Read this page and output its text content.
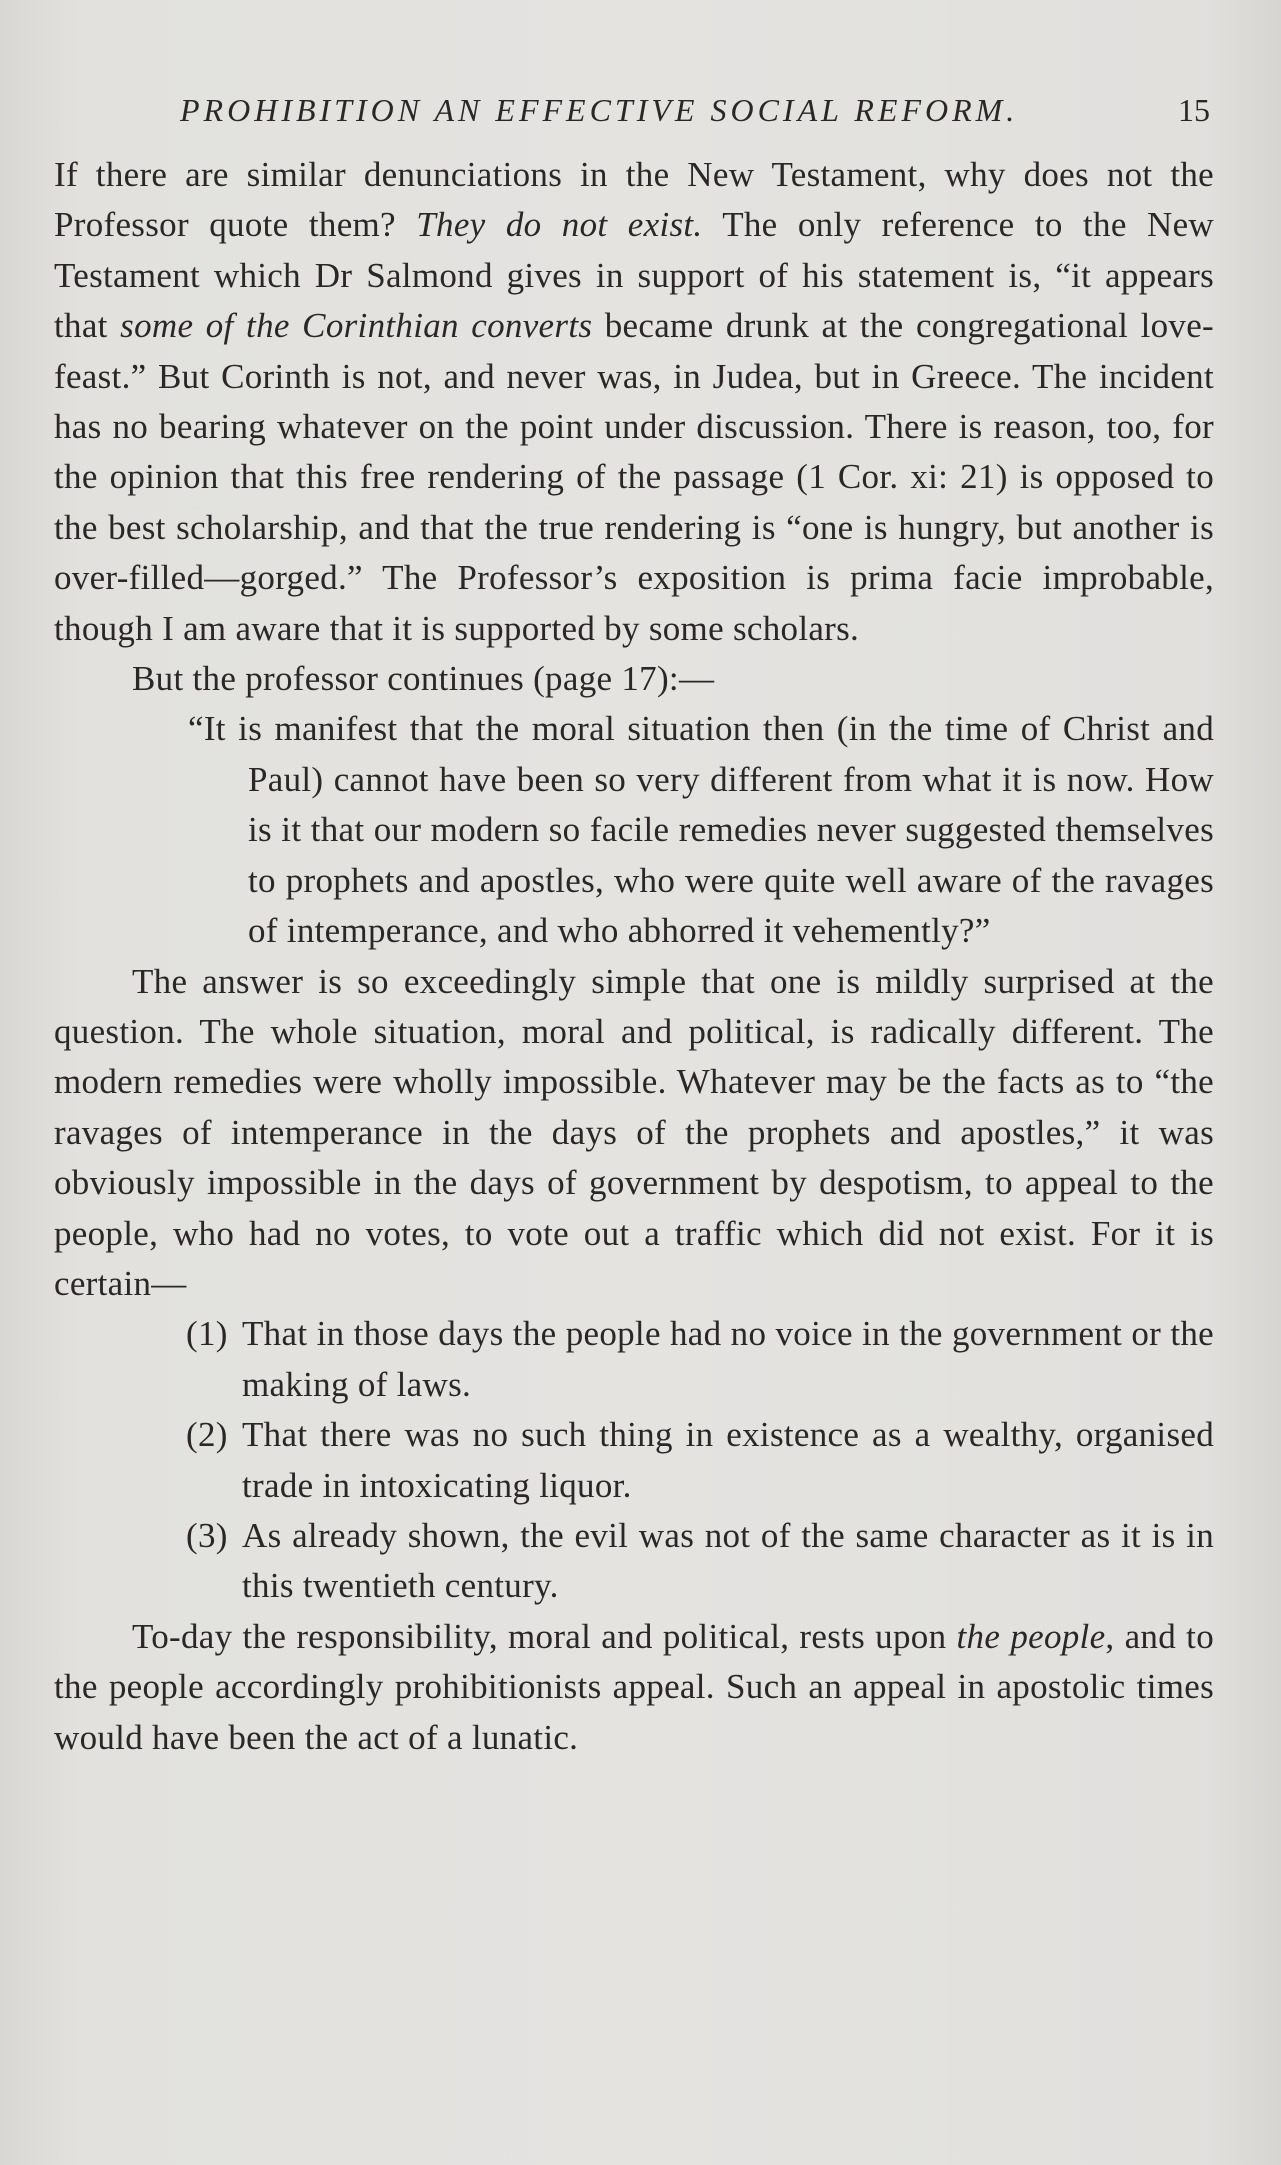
PROHIBITION AN EFFECTIVE SOCIAL REFORM.	15

If there are similar denunciations in the New Testament, why does not the Professor quote them? They do not exist. The only reference to the New Testament which Dr Salmond gives in support of his statement is, “it appears that some of the Corinthian converts became drunk at the congregational love-feast.” But Corinth is not, and never was, in Judea, but in Greece. The incident has no bearing whatever on the point under discussion. There is reason, too, for the opinion that this free rendering of the passage (1 Cor. xi: 21) is opposed to the best scholarship, and that the true rendering is “one is hungry, but another is over-filled—gorged.” The Professor’s exposition is prima facie improbable, though I am aware that it is supported by some scholars.

But the professor continues (page 17):—

“It is manifest that the moral situation then (in the time of Christ and Paul) cannot have been so very different from what it is now. How is it that our modern so facile remedies never suggested themselves to prophets and apostles, who were quite well aware of the ravages of intemperance, and who abhorred it vehemently?”

The answer is so exceedingly simple that one is mildly surprised at the question. The whole situation, moral and political, is radically different. The modern remedies were wholly impossible. Whatever may be the facts as to “the ravages of intemperance in the days of the prophets and apostles,” it was obviously impossible in the days of government by despotism, to appeal to the people, who had no votes, to vote out a traffic which did not exist. For it is certain—

(1) That in those days the people had no voice in the government or the making of laws.

(2) That there was no such thing in existence as a wealthy, organised trade in intoxicating liquor.

(3) As already shown, the evil was not of the same character as it is in this twentieth century.

To-day the responsibility, moral and political, rests upon the people, and to the people accordingly prohibitionists appeal. Such an appeal in apostolic times would have been the act of a lunatic.
